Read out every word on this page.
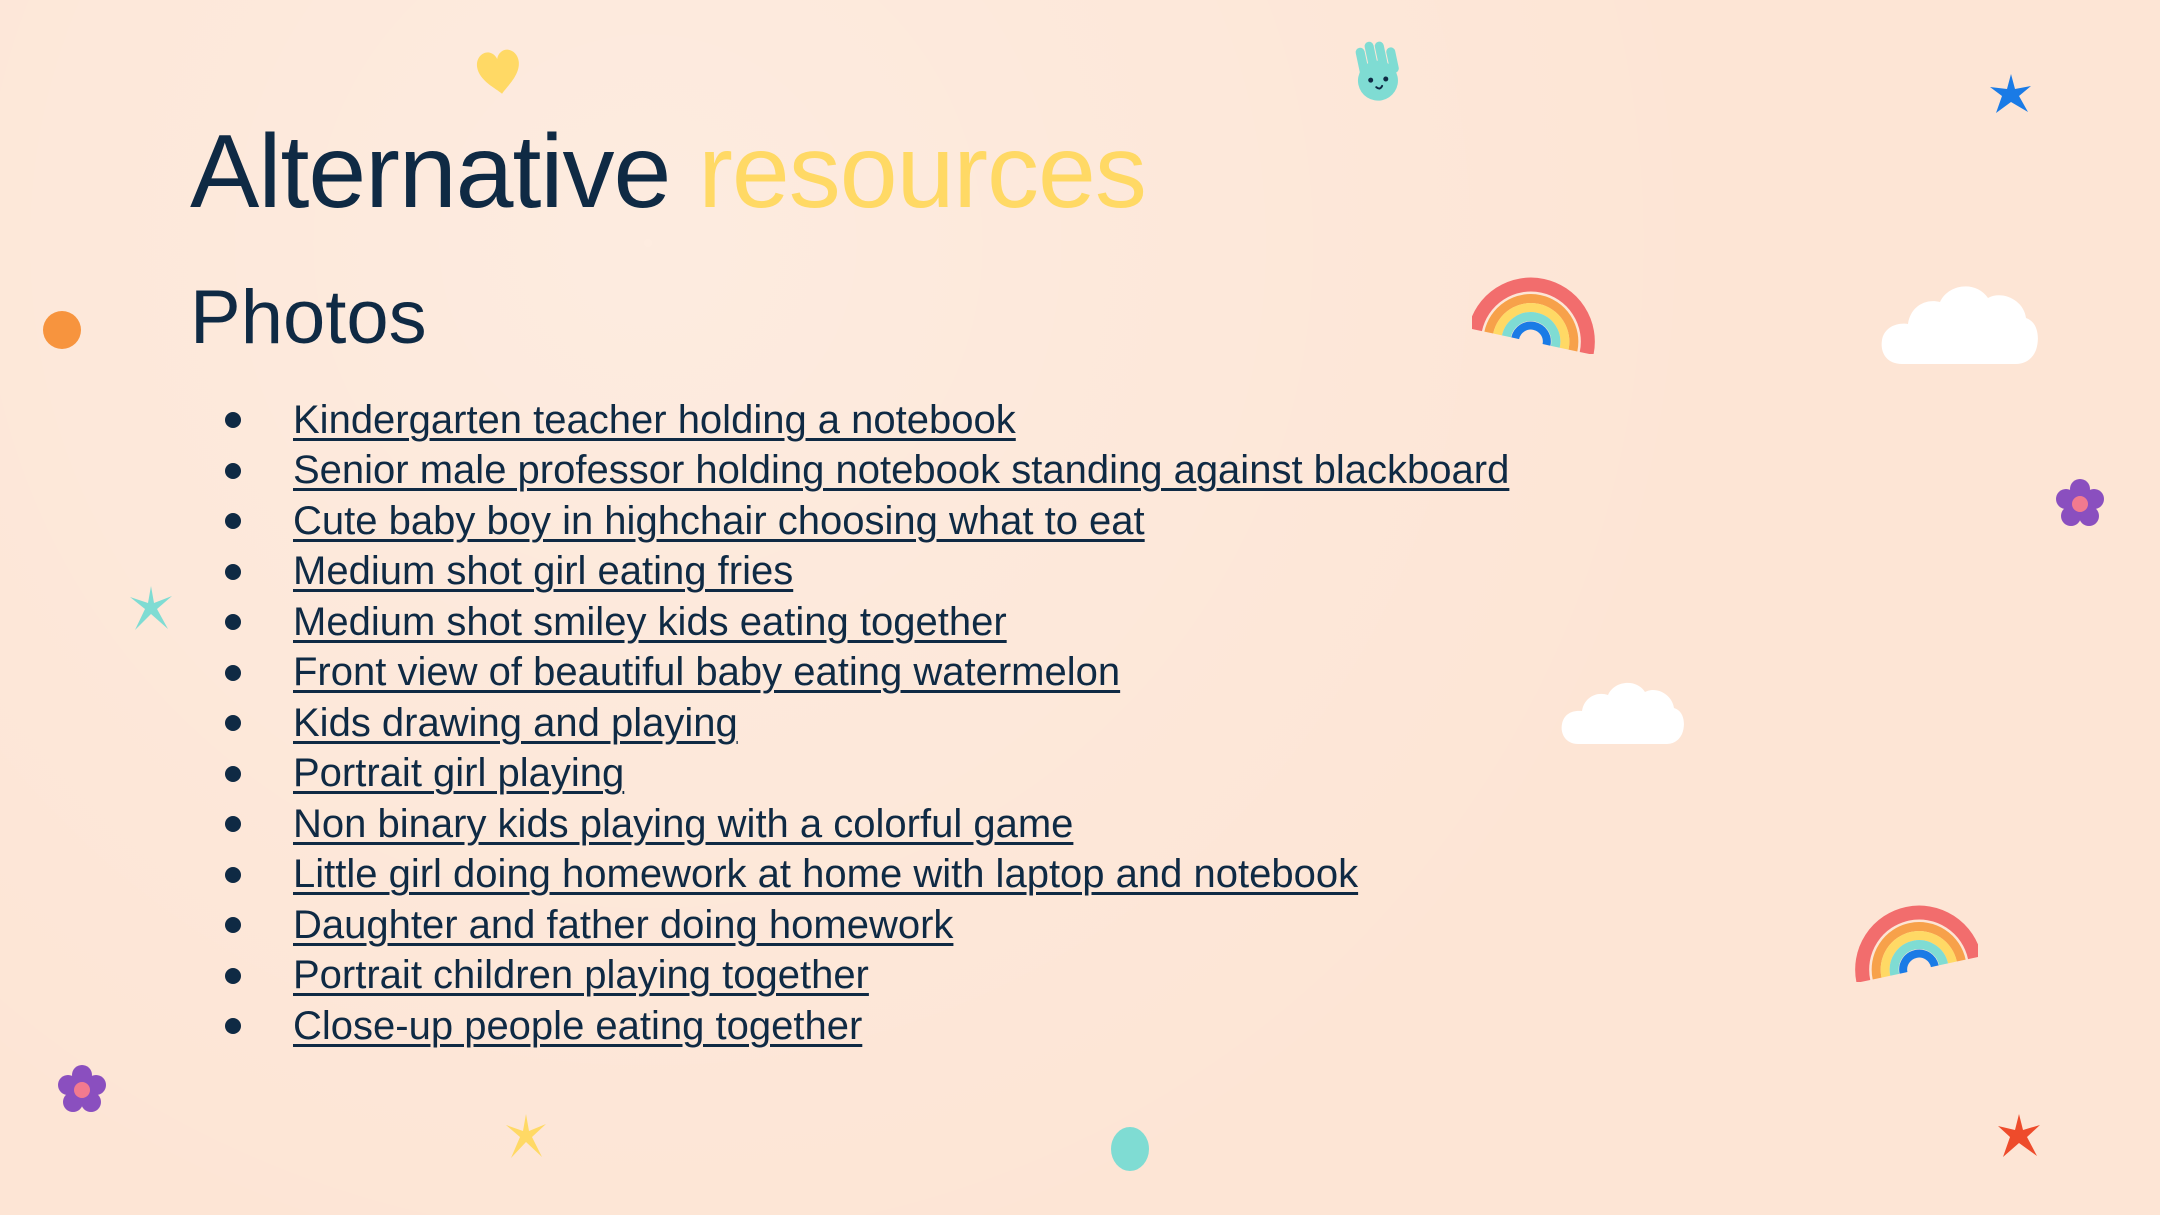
Alternative resources
Photos
Kindergarten teacher holding a notebook
Senior male professor holding notebook standing against blackboard
Cute baby boy in highchair choosing what to eat
Medium shot girl eating fries
Medium shot smiley kids eating together
Front view of beautiful baby eating watermelon
Kids drawing and playing
Portrait girl playing
Non binary kids playing with a colorful game
Little girl doing homework at home with laptop and notebook
Daughter and father doing homework
Portrait children playing together
Close-up people eating together
